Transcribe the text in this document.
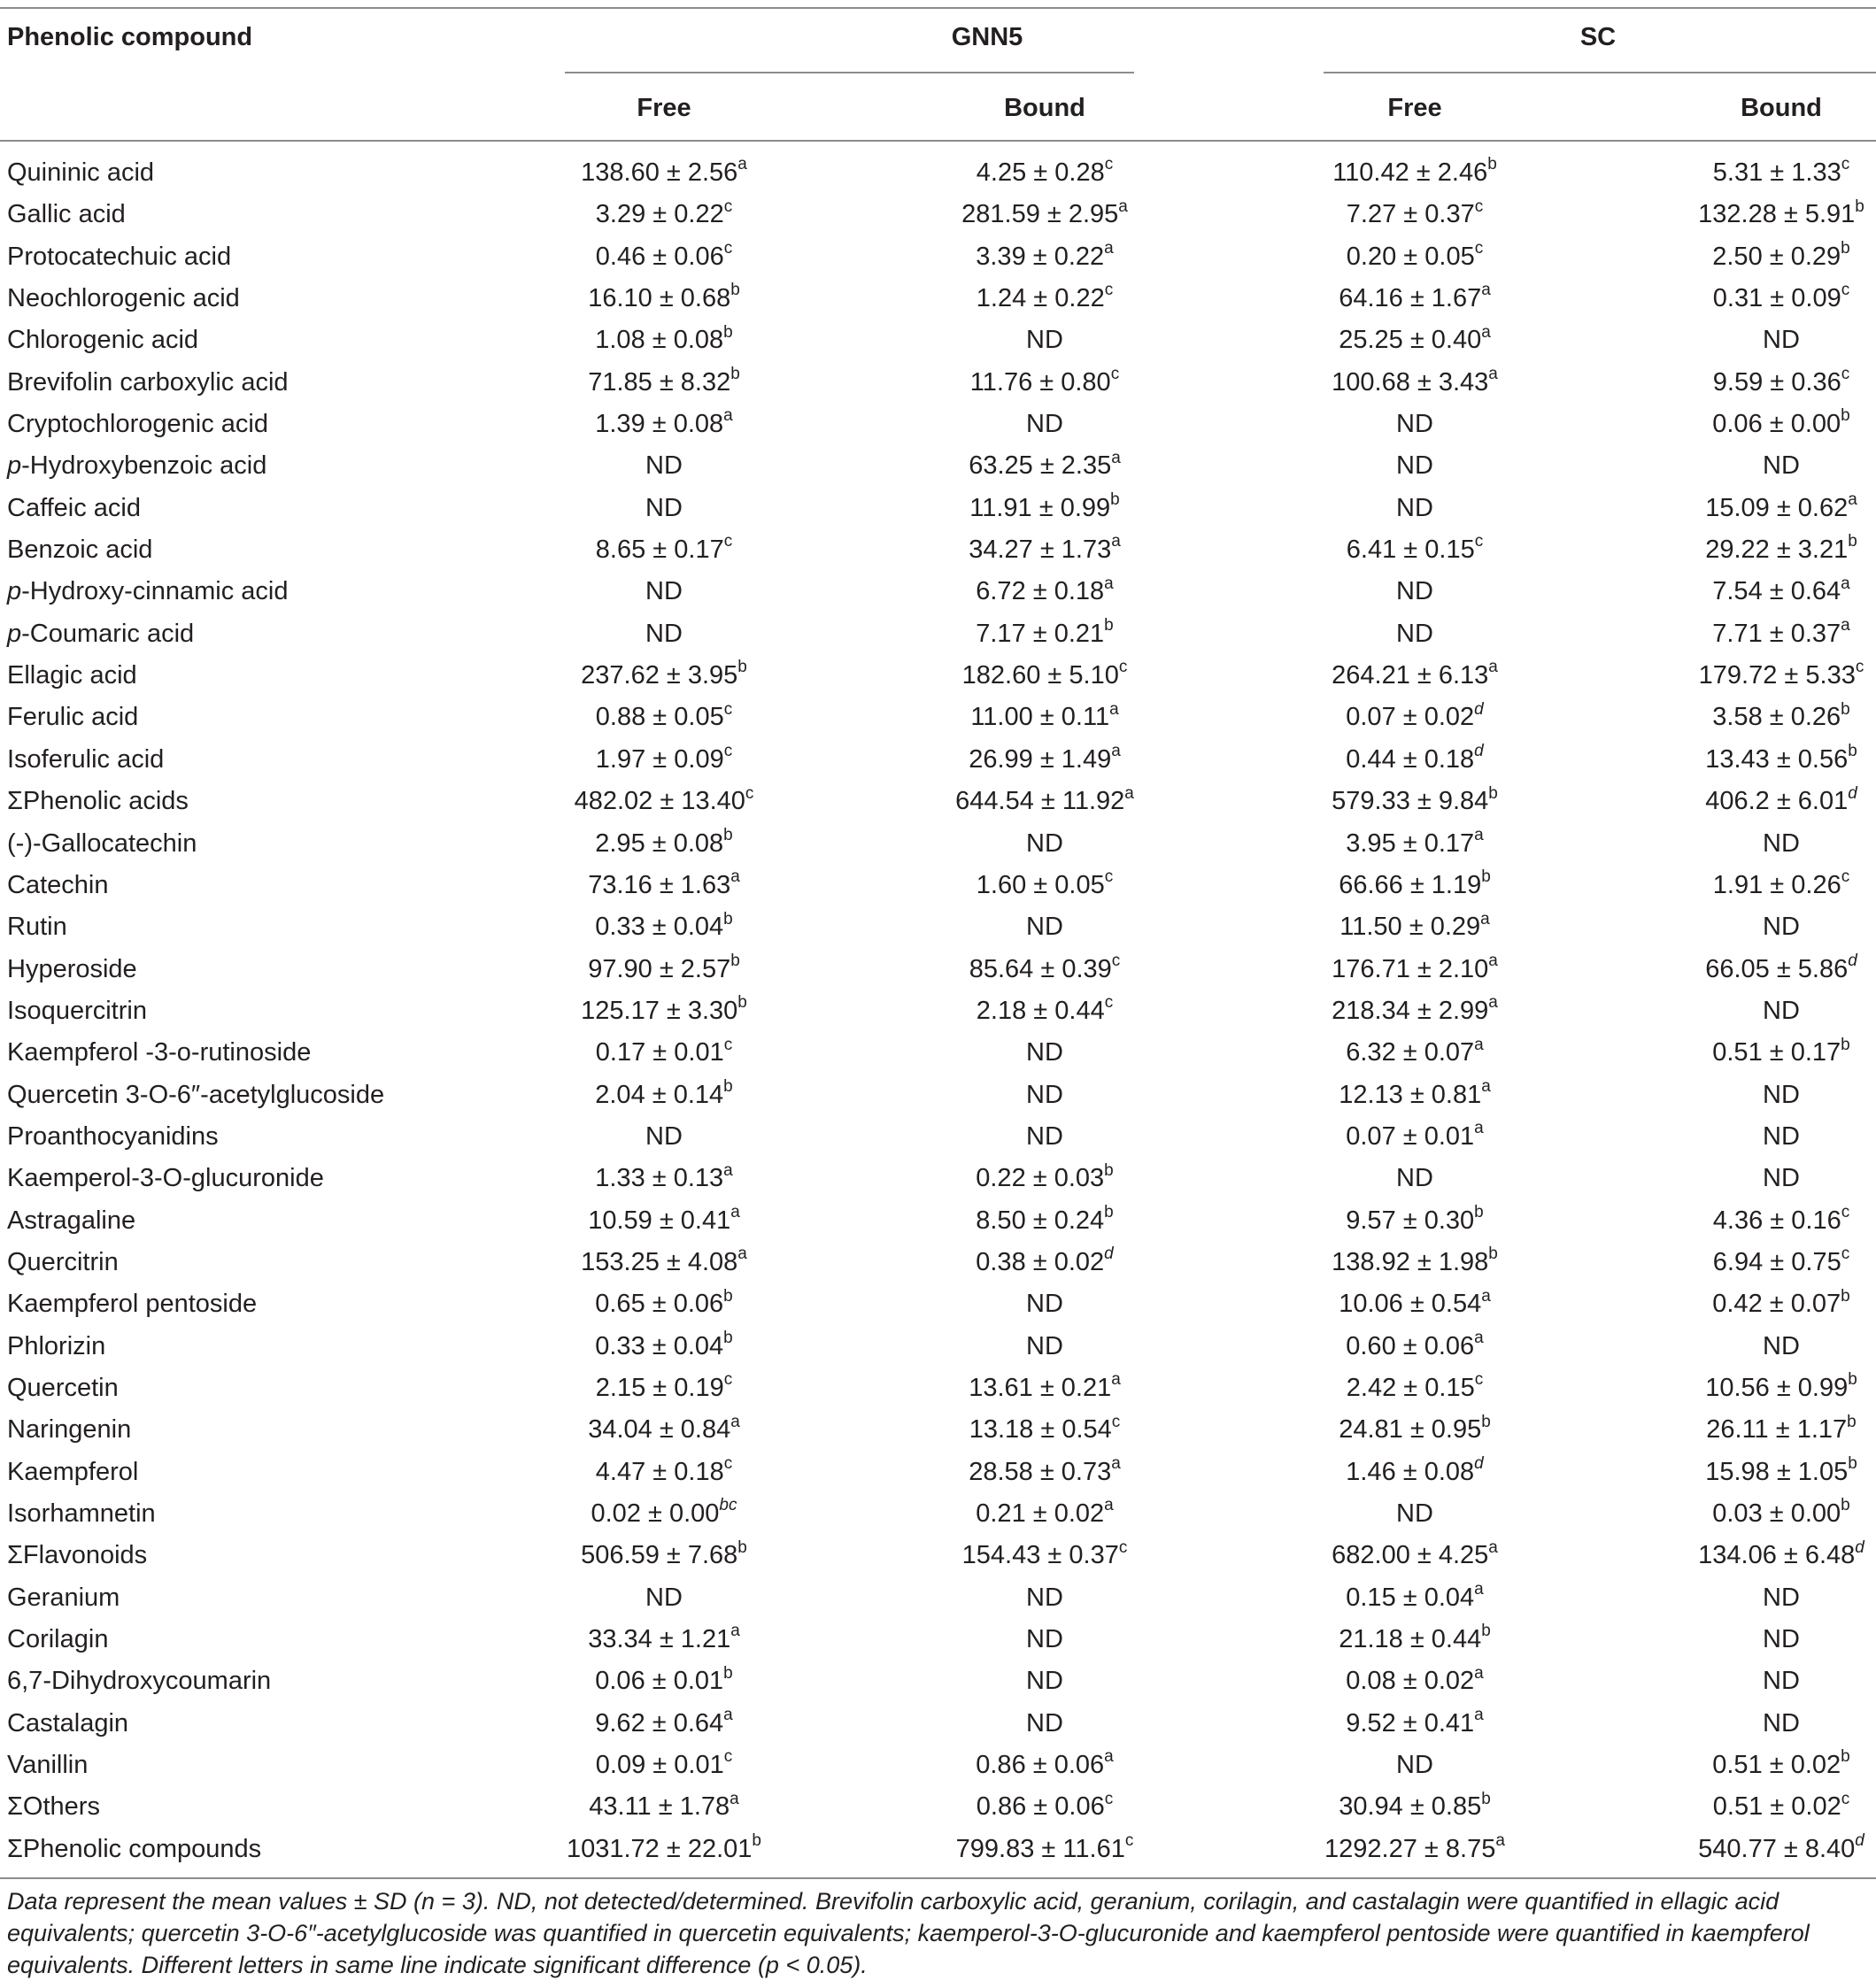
Phenolic compound	GNN5	SC
Free	Bound	Free	Bound
Quininic acid	138.60 ± 2.56$^a$	4.25 ± 0.28$^c$	110.42 ± 2.46$^b$	5.31 ± 1.33$^c$
Gallic acid	3.29 ± 0.22$^c$	281.59 ± 2.95$^a$	7.27 ± 0.37$^c$	132.28 ± 5.91$^b$
Protocatechuic acid	0.46 ± 0.06$^c$	3.39 ± 0.22$^a$	0.20 ± 0.05$^c$	2.50 ± 0.29$^b$
Neochlorogenic acid	16.10 ± 0.68$^b$	1.24 ± 0.22$^c$	64.16 ± 1.67$^a$	0.31 ± 0.09$^c$
Chlorogenic acid	1.08 ± 0.08$^b$	ND	25.25 ± 0.40$^a$	ND
Brevifolin carboxylic acid	71.85 ± 8.32$^b$	11.76 ± 0.80$^c$	100.68 ± 3.43$^a$	9.59 ± 0.36$^c$
Cryptochlorogenic acid	1.39 ± 0.08$^a$	ND	ND	0.06 ± 0.00$^b$
p-Hydroxybenzoic acid	ND	63.25 ± 2.35$^a$	ND	ND
Caffeic acid	ND	11.91 ± 0.99$^b$	ND	15.09 ± 0.62$^a$
Benzoic acid	8.65 ± 0.17$^c$	34.27 ± 1.73$^a$	6.41 ± 0.15$^c$	29.22 ± 3.21$^b$
p-Hydroxy-cinnamic acid	ND	6.72 ± 0.18$^a$	ND	7.54 ± 0.64$^a$
p-Coumaric acid	ND	7.17 ± 0.21$^b$	ND	7.71 ± 0.37$^a$
Ellagic acid	237.62 ± 3.95$^b$	182.60 ± 5.10$^c$	264.21 ± 6.13$^a$	179.72 ± 5.33$^c$
Ferulic acid	0.88 ± 0.05$^c$	11.00 ± 0.11$^a$	0.07 ± 0.02$^d$	3.58 ± 0.26$^b$
Isoferulic acid	1.97 ± 0.09$^c$	26.99 ± 1.49$^a$	0.44 ± 0.18$^d$	13.43 ± 0.56$^b$
ΣPhenolic acids	482.02 ± 13.40$^c$	644.54 ± 11.92$^a$	579.33 ± 9.84$^b$	406.2 ± 6.01$^d$
(-)-Gallocatechin	2.95 ± 0.08$^b$	ND	3.95 ± 0.17$^a$	ND
Catechin	73.16 ± 1.63$^a$	1.60 ± 0.05$^c$	66.66 ± 1.19$^b$	1.91 ± 0.26$^c$
Rutin	0.33 ± 0.04$^b$	ND	11.50 ± 0.29$^a$	ND
Hyperoside	97.90 ± 2.57$^b$	85.64 ± 0.39$^c$	176.71 ± 2.10$^a$	66.05 ± 5.86$^d$
Isoquercitrin	125.17 ± 3.30$^b$	2.18 ± 0.44$^c$	218.34 ± 2.99$^a$	ND
Kaempferol -3-o-rutinoside	0.17 ± 0.01$^c$	ND	6.32 ± 0.07$^a$	0.51 ± 0.17$^b$
Quercetin 3-O-6″-acetylglucoside	2.04 ± 0.14$^b$	ND	12.13 ± 0.81$^a$	ND
Proanthocyanidins	ND	ND	0.07 ± 0.01$^a$	ND
Kaemperol-3-O-glucuronide	1.33 ± 0.13$^a$	0.22 ± 0.03$^b$	ND	ND
Astragaline	10.59 ± 0.41$^a$	8.50 ± 0.24$^b$	9.57 ± 0.30$^b$	4.36 ± 0.16$^c$
Quercitrin	153.25 ± 4.08$^a$	0.38 ± 0.02$^d$	138.92 ± 1.98$^b$	6.94 ± 0.75$^c$
Kaempferol pentoside	0.65 ± 0.06$^b$	ND	10.06 ± 0.54$^a$	0.42 ± 0.07$^b$
Phlorizin	0.33 ± 0.04$^b$	ND	0.60 ± 0.06$^a$	ND
Quercetin	2.15 ± 0.19$^c$	13.61 ± 0.21$^a$	2.42 ± 0.15$^c$	10.56 ± 0.99$^b$
Naringenin	34.04 ± 0.84$^a$	13.18 ± 0.54$^c$	24.81 ± 0.95$^b$	26.11 ± 1.17$^b$
Kaempferol	4.47 ± 0.18$^c$	28.58 ± 0.73$^a$	1.46 ± 0.08$^d$	15.98 ± 1.05$^b$
Isorhamnetin	0.02 ± 0.00$^{bc}$	0.21 ± 0.02$^a$	ND	0.03 ± 0.00$^b$
ΣFlavonoids	506.59 ± 7.68$^b$	154.43 ± 0.37$^c$	682.00 ± 4.25$^a$	134.06 ± 6.48$^d$
Geranium	ND	ND	0.15 ± 0.04$^a$	ND
Corilagin	33.34 ± 1.21$^a$	ND	21.18 ± 0.44$^b$	ND
6,7-Dihydroxycoumarin	0.06 ± 0.01$^b$	ND	0.08 ± 0.02$^a$	ND
Castalagin	9.62 ± 0.64$^a$	ND	9.52 ± 0.41$^a$	ND
Vanillin	0.09 ± 0.01$^c$	0.86 ± 0.06$^a$	ND	0.51 ± 0.02$^b$
ΣOthers	43.11 ± 1.78$^a$	0.86 ± 0.06$^c$	30.94 ± 0.85$^b$	0.51 ± 0.02$^c$
ΣPhenolic compounds	1031.72 ± 22.01$^b$	799.83 ± 11.61$^c$	1292.27 ± 8.75$^a$	540.77 ± 8.40$^d$
Data represent the mean values ± SD (n = 3). ND, not detected/determined. Brevifolin carboxylic acid, geranium, corilagin, and castalagin were quantified in ellagic acid equivalents; quercetin 3-O-6″-acetylglucoside was quantified in quercetin equivalents; kaemperol-3-O-glucuronide and kaempferol pentoside were quantified in kaempferol equivalents. Different letters in same line indicate significant difference (p < 0.05).
